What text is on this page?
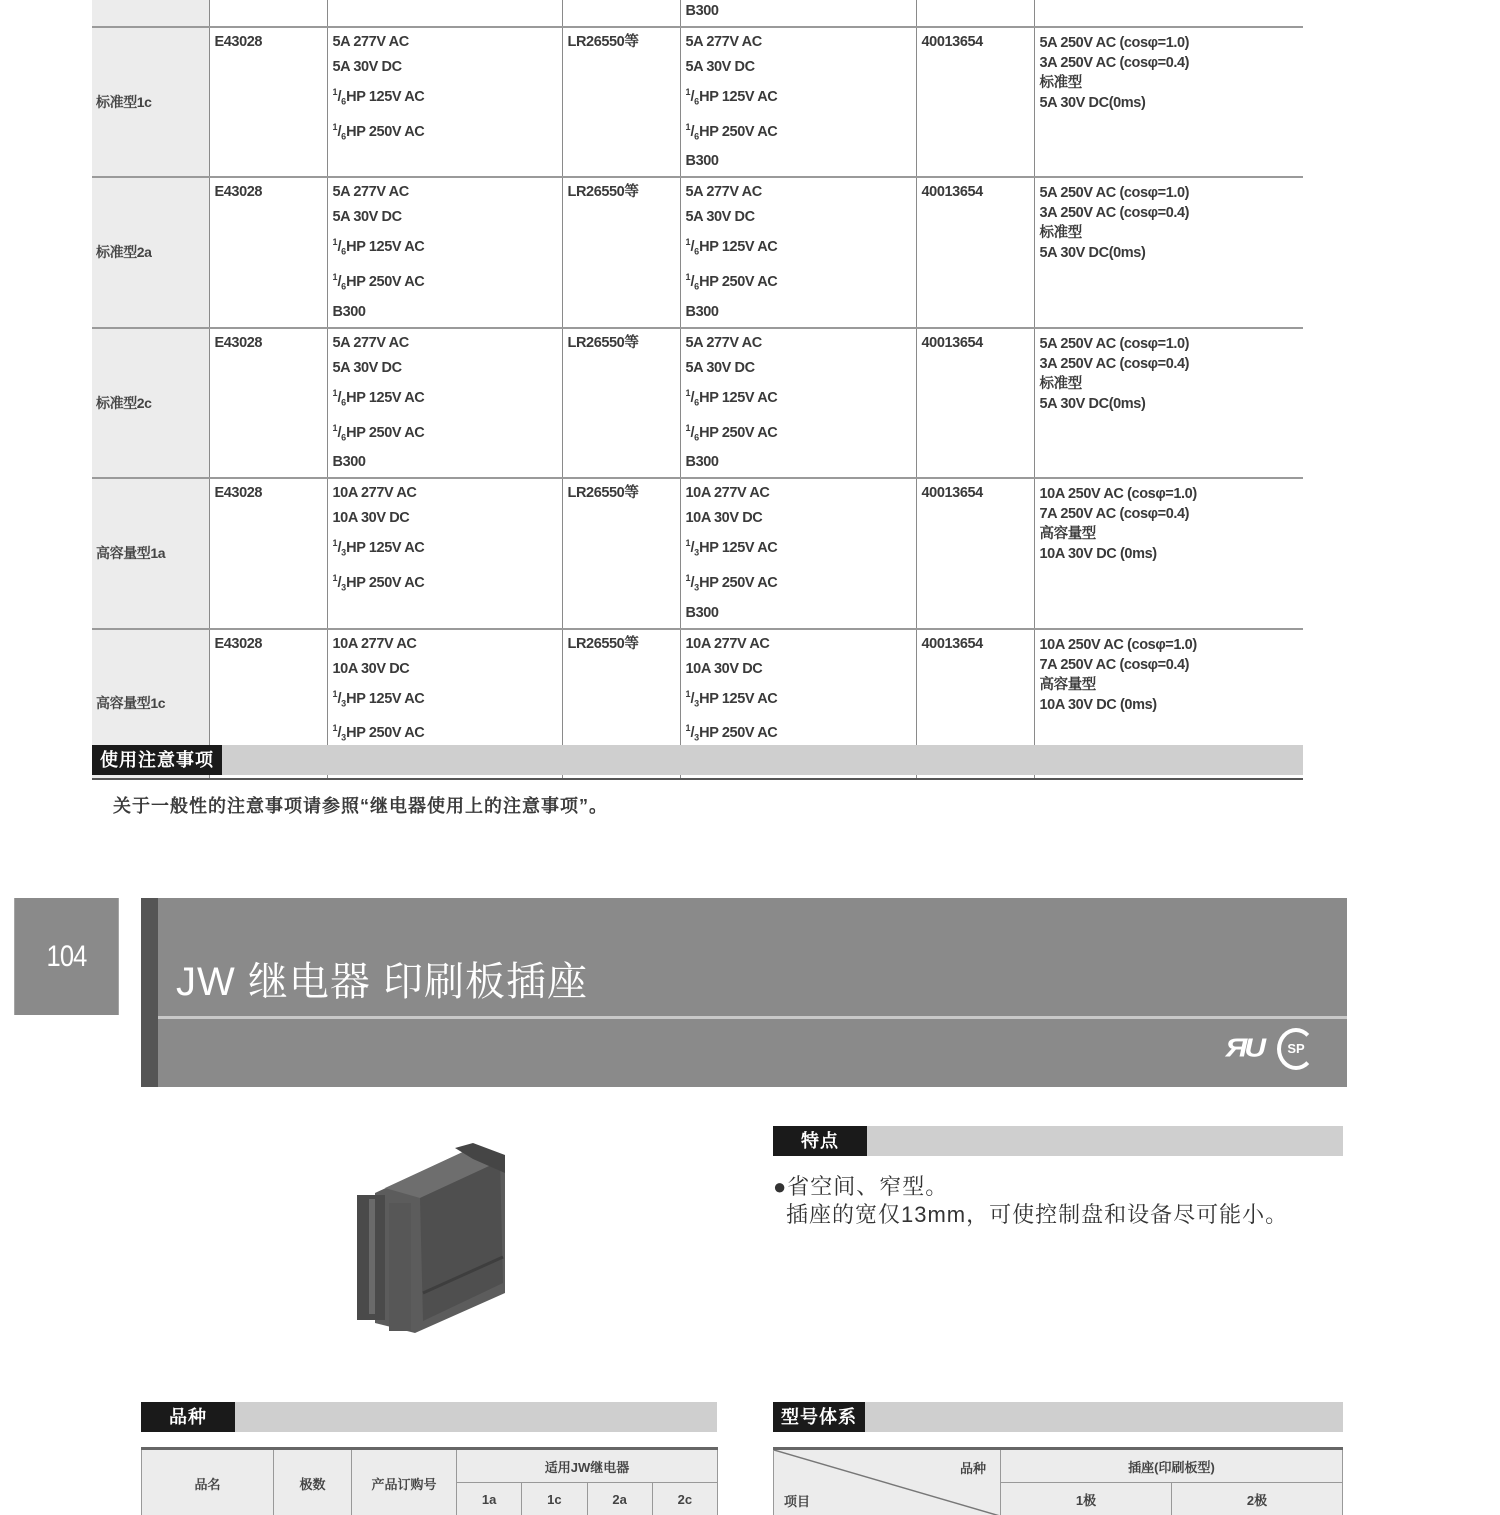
				B300		

标准型1c	E43028	5A 277V AC
5A 30V DC
$^1/_6HP$ 125V AC
$^1/_6HP$ 250V AC
	LR26550等	5A 277V AC
5A 30V DC
$^1/_6HP$ 125V AC
$^1/_6HP$ 250V AC
B300
	40013654	5A 250V AC (cosφ=1.0)
3A 250V AC (cosφ=0.4)
标准型
5A 30V DC(0ms)

标准型2a	E43028	5A 277V AC
5A 30V DC
$^1/_6HP$ 125V AC
$^1/_6HP$ 250V AC
B300
	LR26550等	5A 277V AC
5A 30V DC
$^1/_6HP$ 125V AC
$^1/_6HP$ 250V AC
B300
	40013654	5A 250V AC (cosφ=1.0)
3A 250V AC (cosφ=0.4)
标准型
5A 30V DC(0ms)

标准型2c	E43028	5A 277V AC
5A 30V DC
$^1/_6HP$ 125V AC
$^1/_6HP$ 250V AC
B300
	LR26550等	5A 277V AC
5A 30V DC
$^1/_6HP$ 125V AC
$^1/_6HP$ 250V AC
B300
	40013654	5A 250V AC (cosφ=1.0)
3A 250V AC (cosφ=0.4)
标准型
5A 30V DC(0ms)

高容量型1a	E43028	10A 277V AC
10A 30V DC
$^1/_3HP$ 125V AC
$^1/_3HP$ 250V AC
	LR26550等	10A 277V AC
10A 30V DC
$^1/_3HP$ 125V AC
$^1/_3HP$ 250V AC
B300
	40013654	10A 250V AC (cosφ=1.0)
7A 250V AC (cosφ=0.4)
高容量型
10A 30V DC (0ms)

高容量型1c	E43028	10A 277V AC
10A 30V DC
$^1/_3HP$ 125V AC
$^1/_3HP$ 250V AC
	LR26550等	10A 277V AC
10A 30V DC
$^1/_3HP$ 125V AC
$^1/_3HP$ 250V AC
	40013654	10A 250V AC (cosφ=1.0)
7A 250V AC (cosφ=0.4)
高容量型
10A 30V DC (0ms)
使用注意事项
关于一般性的注意事项请参照“继电器使用上的注意事项”。
104
JW 继电器 印刷板插座
ЯU	SP
特点
●省空间、窄型。
插座的宽仅13mm，可使控制盘和设备尽可能小。
品种
品名	极数	产品订购号	适用JW继电器			
			1a	1c	2a	2c
型号体系
品种
项目	插座(印刷板型)	
	1极	2极
